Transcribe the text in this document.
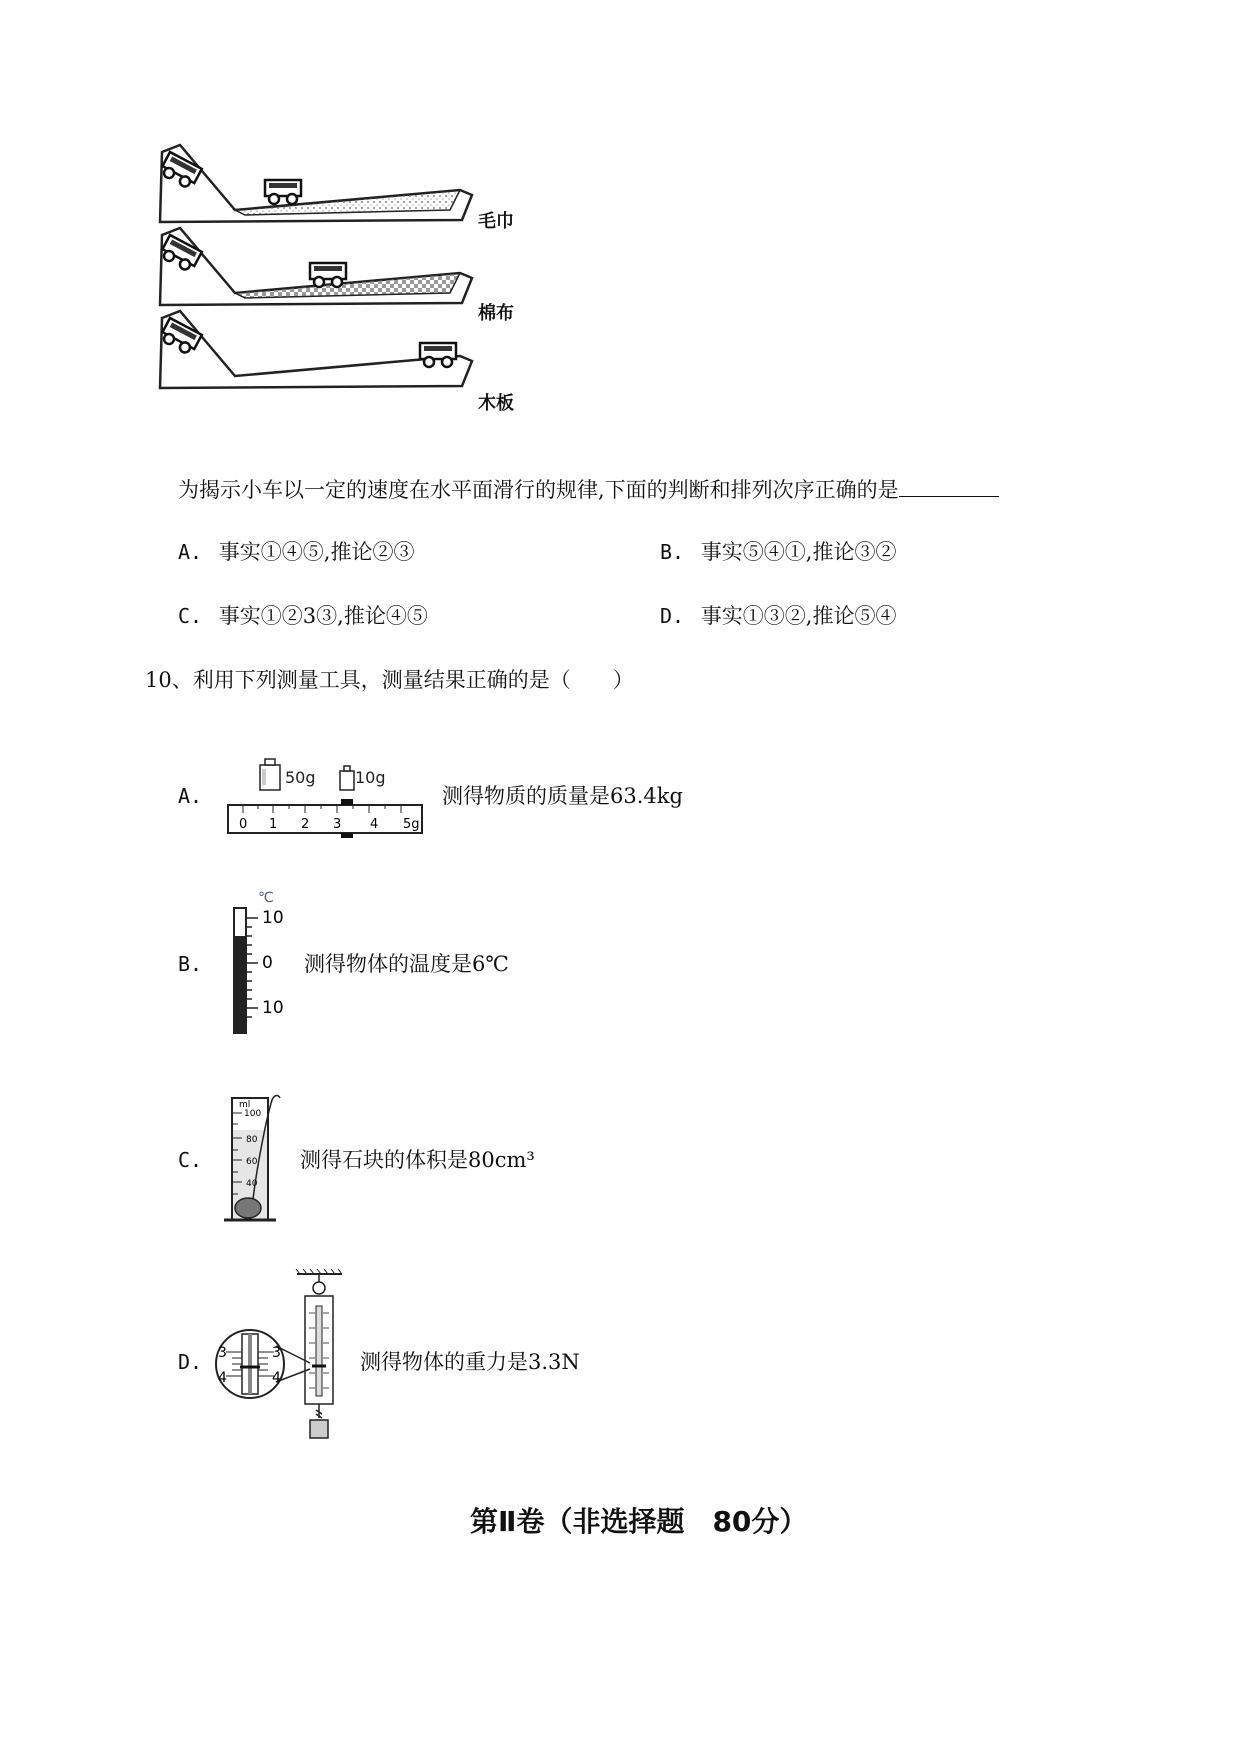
毛巾
棉布
木板
为揭示小车以一定的速度在水平面滑行的规律,下面的判断和排列次序正确的是
A. 事实①④⑤,推论②③	B. 事实⑤④①,推论③②
C. 事实①②3③,推论④⑤	D. 事实①③②,推论⑤④
10、利用下列测量工具，测量结果正确的是（　　）
A.
50g 10g
0 1 2 3 4 5g
测得物质的质量是63.4kg
B.
℃
10
0
10
测得物体的温度是6℃
C.
ml
100
80
60
40
测得石块的体积是80cm³
D. 3
4
3
4
测得物体的重力是3.3N
第Ⅱ卷（非选择题　80分）
